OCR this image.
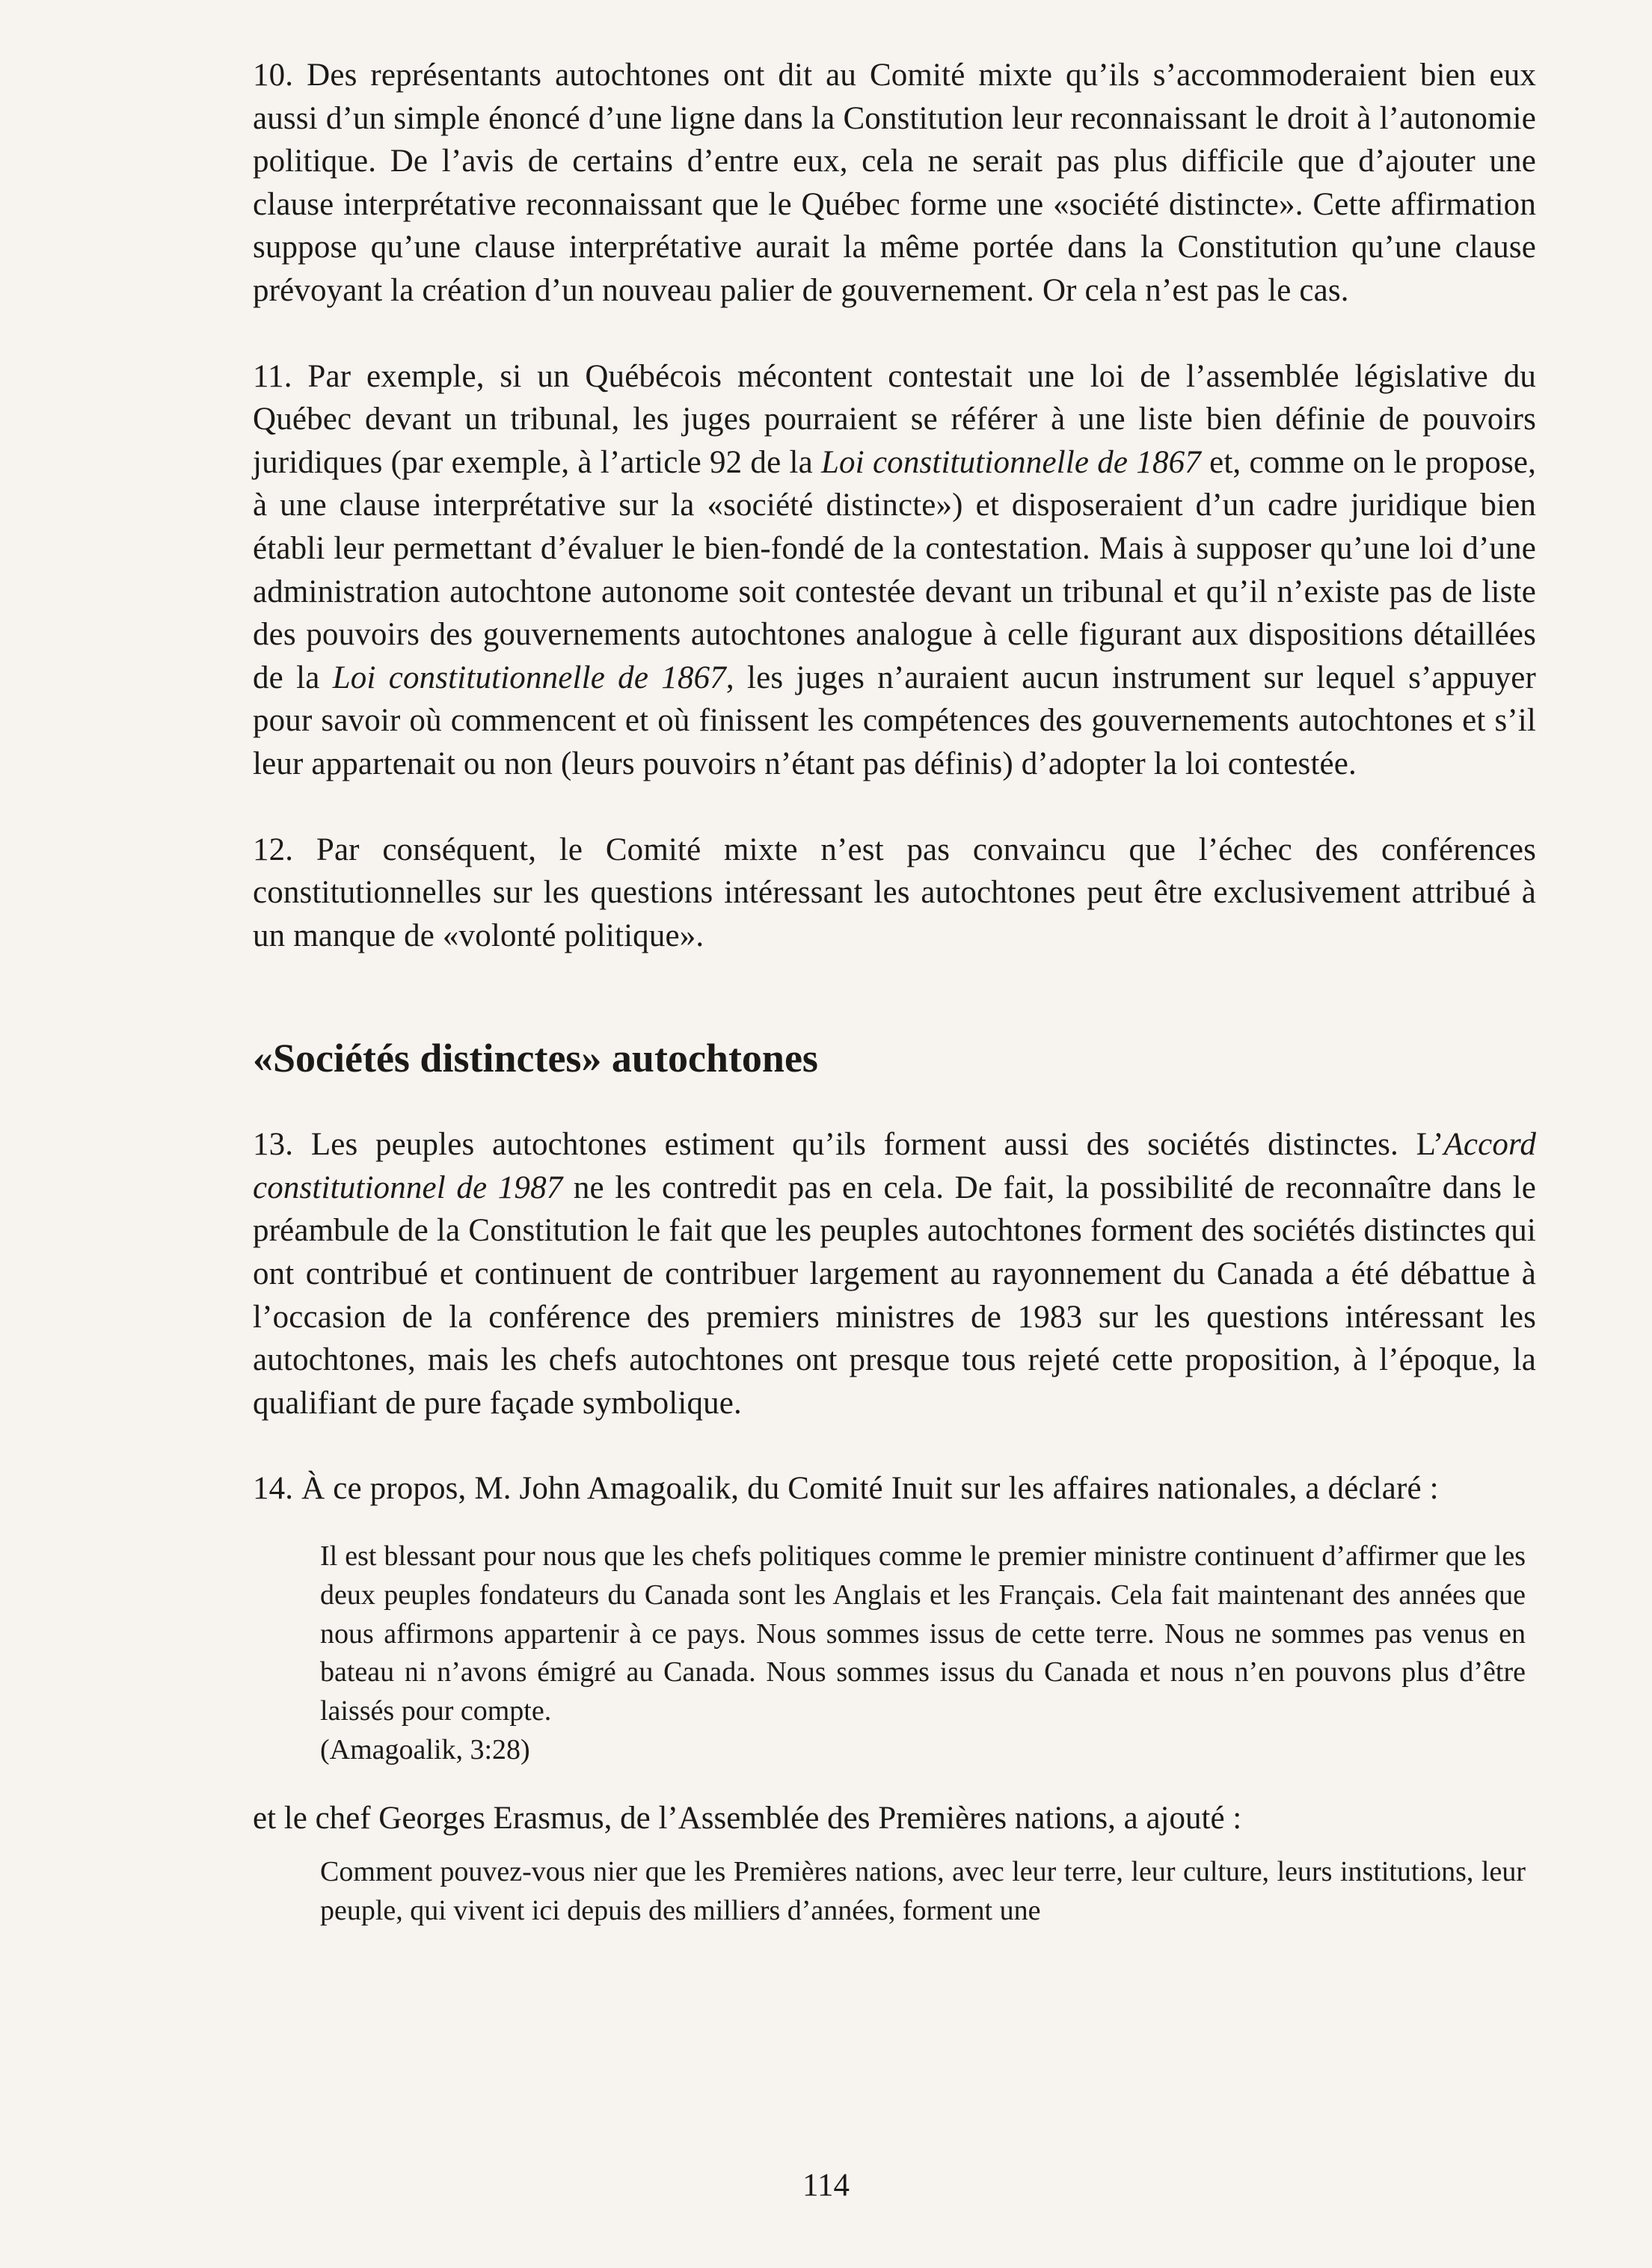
10. Des représentants autochtones ont dit au Comité mixte qu’ils s’accommoderaient bien eux aussi d’un simple énoncé d’une ligne dans la Constitution leur reconnaissant le droit à l’autonomie politique. De l’avis de certains d’entre eux, cela ne serait pas plus difficile que d’ajouter une clause interprétative reconnaissant que le Québec forme une «société distincte». Cette affirmation suppose qu’une clause interprétative aurait la même portée dans la Constitution qu’une clause prévoyant la création d’un nouveau palier de gouvernement. Or cela n’est pas le cas.

11. Par exemple, si un Québécois mécontent contestait une loi de l’assemblée législative du Québec devant un tribunal, les juges pourraient se référer à une liste bien définie de pouvoirs juridiques (par exemple, à l’article 92 de la Loi constitutionnelle de 1867 et, comme on le propose, à une clause interprétative sur la «société distincte») et disposeraient d’un cadre juridique bien établi leur permettant d’évaluer le bien-fondé de la contestation. Mais à supposer qu’une loi d’une administration autochtone autonome soit contestée devant un tribunal et qu’il n’existe pas de liste des pouvoirs des gouvernements autochtones analogue à celle figurant aux dispositions détaillées de la Loi constitutionnelle de 1867, les juges n’auraient aucun instrument sur lequel s’appuyer pour savoir où commencent et où finissent les compétences des gouvernements autochtones et s’il leur appartenait ou non (leurs pouvoirs n’étant pas définis) d’adopter la loi contestée.

12. Par conséquent, le Comité mixte n’est pas convaincu que l’échec des conférences constitutionnelles sur les questions intéressant les autochtones peut être exclusivement attribué à un manque de «volonté politique».

«Sociétés distinctes» autochtones

13. Les peuples autochtones estiment qu’ils forment aussi des sociétés distinctes. L’Accord constitutionnel de 1987 ne les contredit pas en cela. De fait, la possibilité de reconnaître dans le préambule de la Constitution le fait que les peuples autochtones forment des sociétés distinctes qui ont contribué et continuent de contribuer largement au rayonnement du Canada a été débattue à l’occasion de la conférence des premiers ministres de 1983 sur les questions intéressant les autochtones, mais les chefs autochtones ont presque tous rejeté cette proposition, à l’époque, la qualifiant de pure façade symbolique.

14. À ce propos, M. John Amagoalik, du Comité Inuit sur les affaires nationales, a déclaré :

Il est blessant pour nous que les chefs politiques comme le premier ministre continuent d’affirmer que les deux peuples fondateurs du Canada sont les Anglais et les Français. Cela fait maintenant des années que nous affirmons appartenir à ce pays. Nous sommes issus de cette terre. Nous ne sommes pas venus en bateau ni n’avons émigré au Canada. Nous sommes issus du Canada et nous n’en pouvons plus d’être laissés pour compte.

(Amagoalik, 3:28)

et le chef Georges Erasmus, de l’Assemblée des Premières nations, a ajouté :

Comment pouvez-vous nier que les Premières nations, avec leur terre, leur culture, leurs institutions, leur peuple, qui vivent ici depuis des milliers d’années, forment une

114
